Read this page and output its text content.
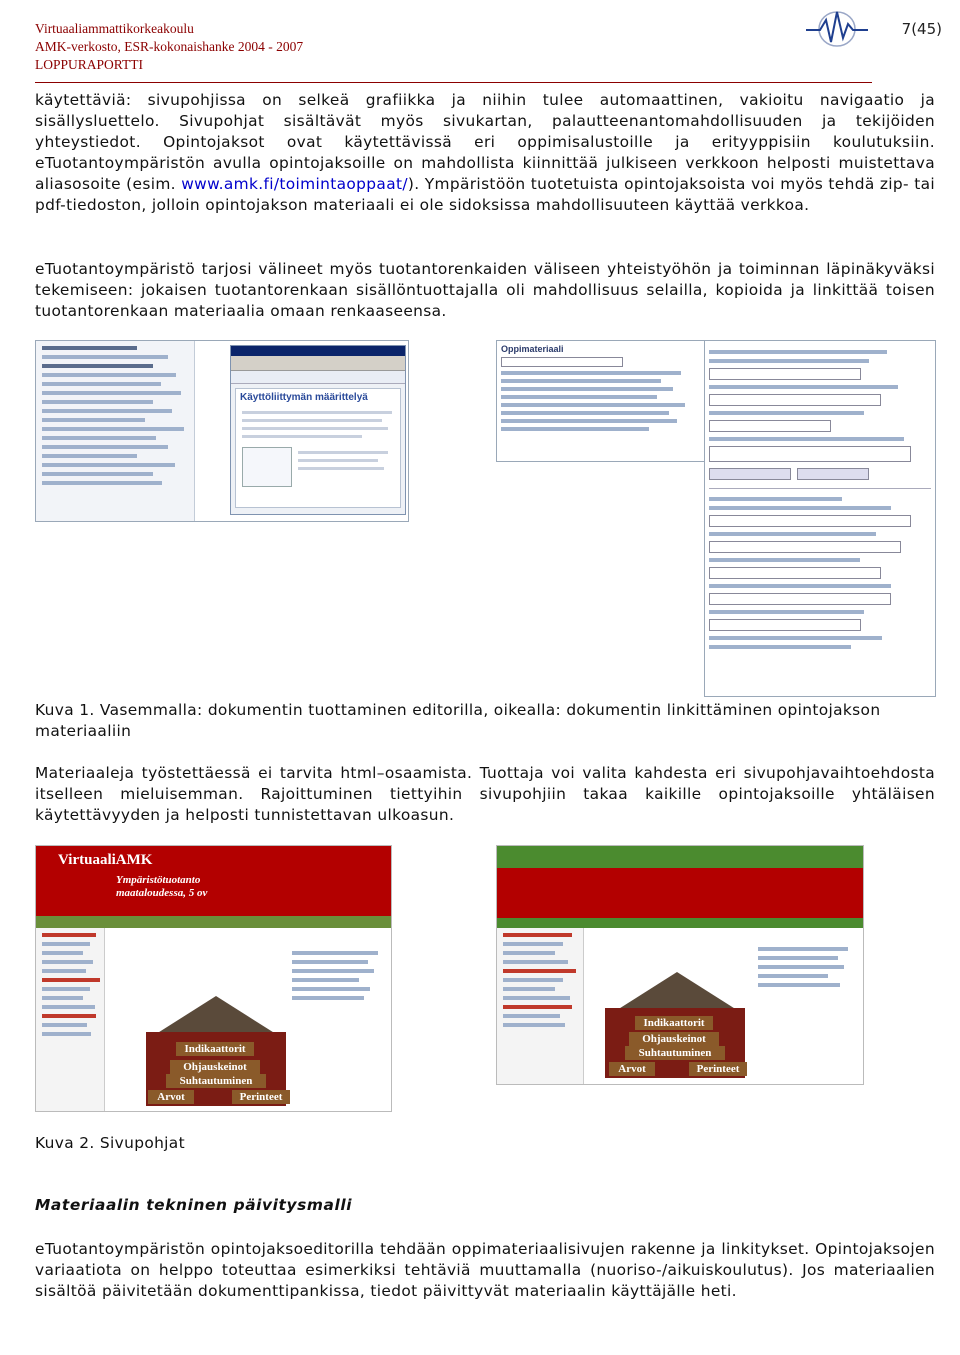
Virtuaaliammattikorkeakoulu
AMK-verkosto, ESR-kokonaishanke 2004 - 2007
LOPPURAPORTTI
7(45)

käytettäviä: sivupohjissa on selkeä grafiikka ja niihin tulee automaattinen, vakioitu navigaatio ja sisällysluettelo. Sivupohjat sisältävät myös sivukartan, palautteenantomahdollisuuden ja tekijöiden yhteystiedot. Opintojaksot ovat käytettävissä eri oppimisalustoille ja erityyppisiin koulutuksiin. eTuotantoympäristön avulla opintojaksoille on mahdollista kiinnittää julkiseen verkkoon helposti muistettava aliasosoite (esim. www.amk.fi/toimintaoppaat/). Ympäristöön tuotetuista opintojaksoista voi myös tehdä zip- tai pdf-tiedoston, jolloin opintojakson materiaali ei ole sidoksissa mahdollisuuteen käyttää verkkoa.

eTuotantoympäristö tarjosi välineet myös tuotantorenkaiden väliseen yhteistyöhön ja toiminnan läpinäkyväksi tekemiseen: jokaisen tuotantorenkaan sisällöntuottajalla oli mahdollisuus selailla, kopioida ja linkittää toisen tuotantorenkaan materiaalia omaan renkaaseensa.

Käyttöliittymän määrittelyä
Oppimateriaali
Kuva 1. Vasemmalla: dokumentin tuottaminen editorilla, oikealla: dokumentin linkittäminen opintojakson materiaaliin

Materiaaleja työstettäessä ei tarvita html–osaamista. Tuottaja voi valita kahdesta eri sivupohjavaihtoehdosta itselleen mieluisemman. Rajoittuminen tiettyihin sivupohjiin takaa kaikille opintojaksoille yhtäläisen käytettävyyden ja helposti tunnistettavan ulkoasun.

VirtuaaliAMK
Ympäristötuotanto maataloudessa, 5 ov
Indikaattorit
Ohjauskeinot
Suhtautuminen
Arvot	Perinteet
Indikaattorit
Ohjauskeinot
Suhtautuminen
Arvot	Perinteet
Kuva 2. Sivupohjat
Materiaalin tekninen päivitysmalli

eTuotantoympäristön opintojaksoeditorilla tehdään oppimateriaalisivujen rakenne ja linkitykset. Opintojaksojen variaatiota on helppo toteuttaa esimerkiksi tehtäviä muuttamalla (nuoriso-/aikuiskoulutus). Jos materiaalien sisältöä päivitetään dokumenttipankissa, tiedot päivittyvät materiaalin käyttäjälle heti.
